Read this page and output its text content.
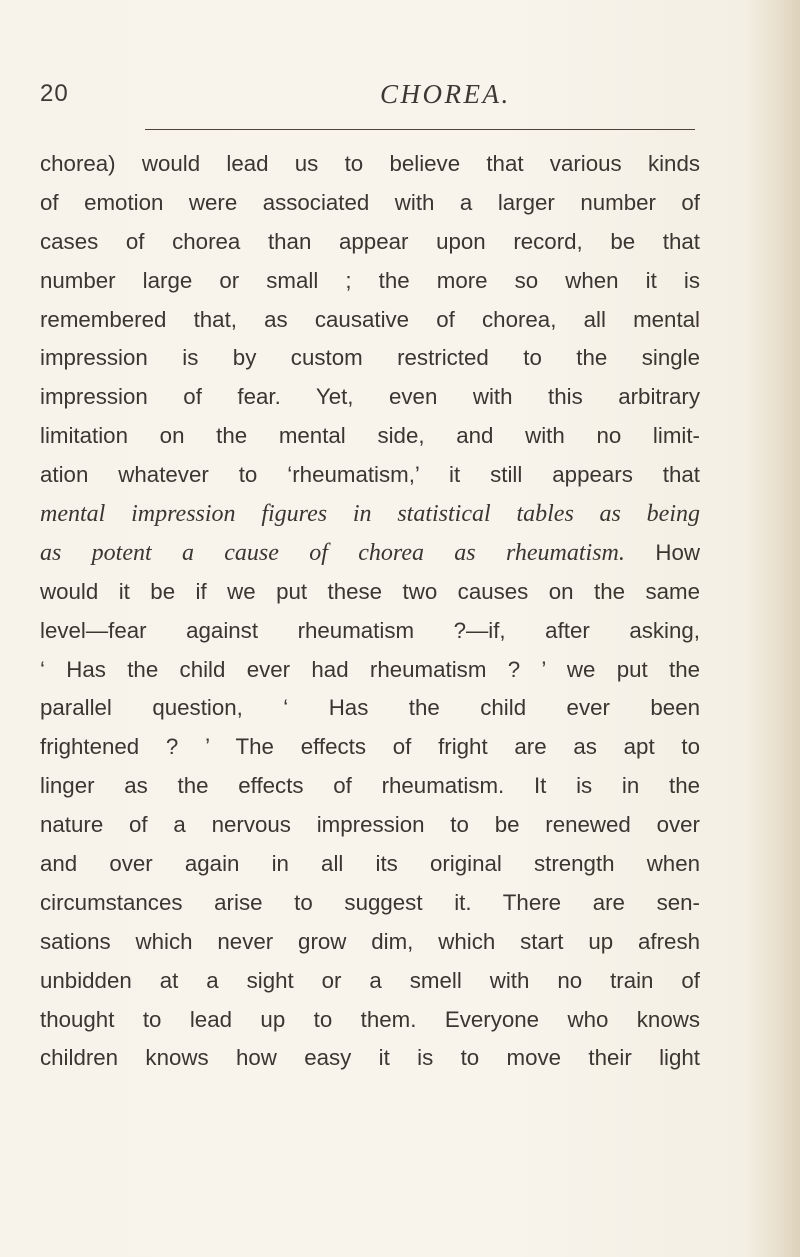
20	CHOREA.
chorea) would lead us to believe that various kinds
of emotion were associated with a larger number of
cases of chorea than appear upon record, be that
number large or small ; the more so when it is
remembered that, as causative of chorea, all mental
impression is by custom restricted to the single
impression of fear. Yet, even with this arbitrary
limitation on the mental side, and with no limit-
ation whatever to ‘rheumatism,’ it still appears that
mental impression figures in statistical tables as being
as potent a cause of chorea as rheumatism. How
would it be if we put these two causes on the same
level—fear against rheumatism ?—if, after asking,
‘ Has the child ever had rheumatism ? ’ we put the
parallel question, ‘ Has the child ever been
frightened ? ’ The effects of fright are as apt to
linger as the effects of rheumatism. It is in the
nature of a nervous impression to be renewed over
and over again in all its original strength when
circumstances arise to suggest it. There are sen-
sations which never grow dim, which start up afresh
unbidden at a sight or a smell with no train of
thought to lead up to them. Everyone who knows
children knows how easy it is to move their light
